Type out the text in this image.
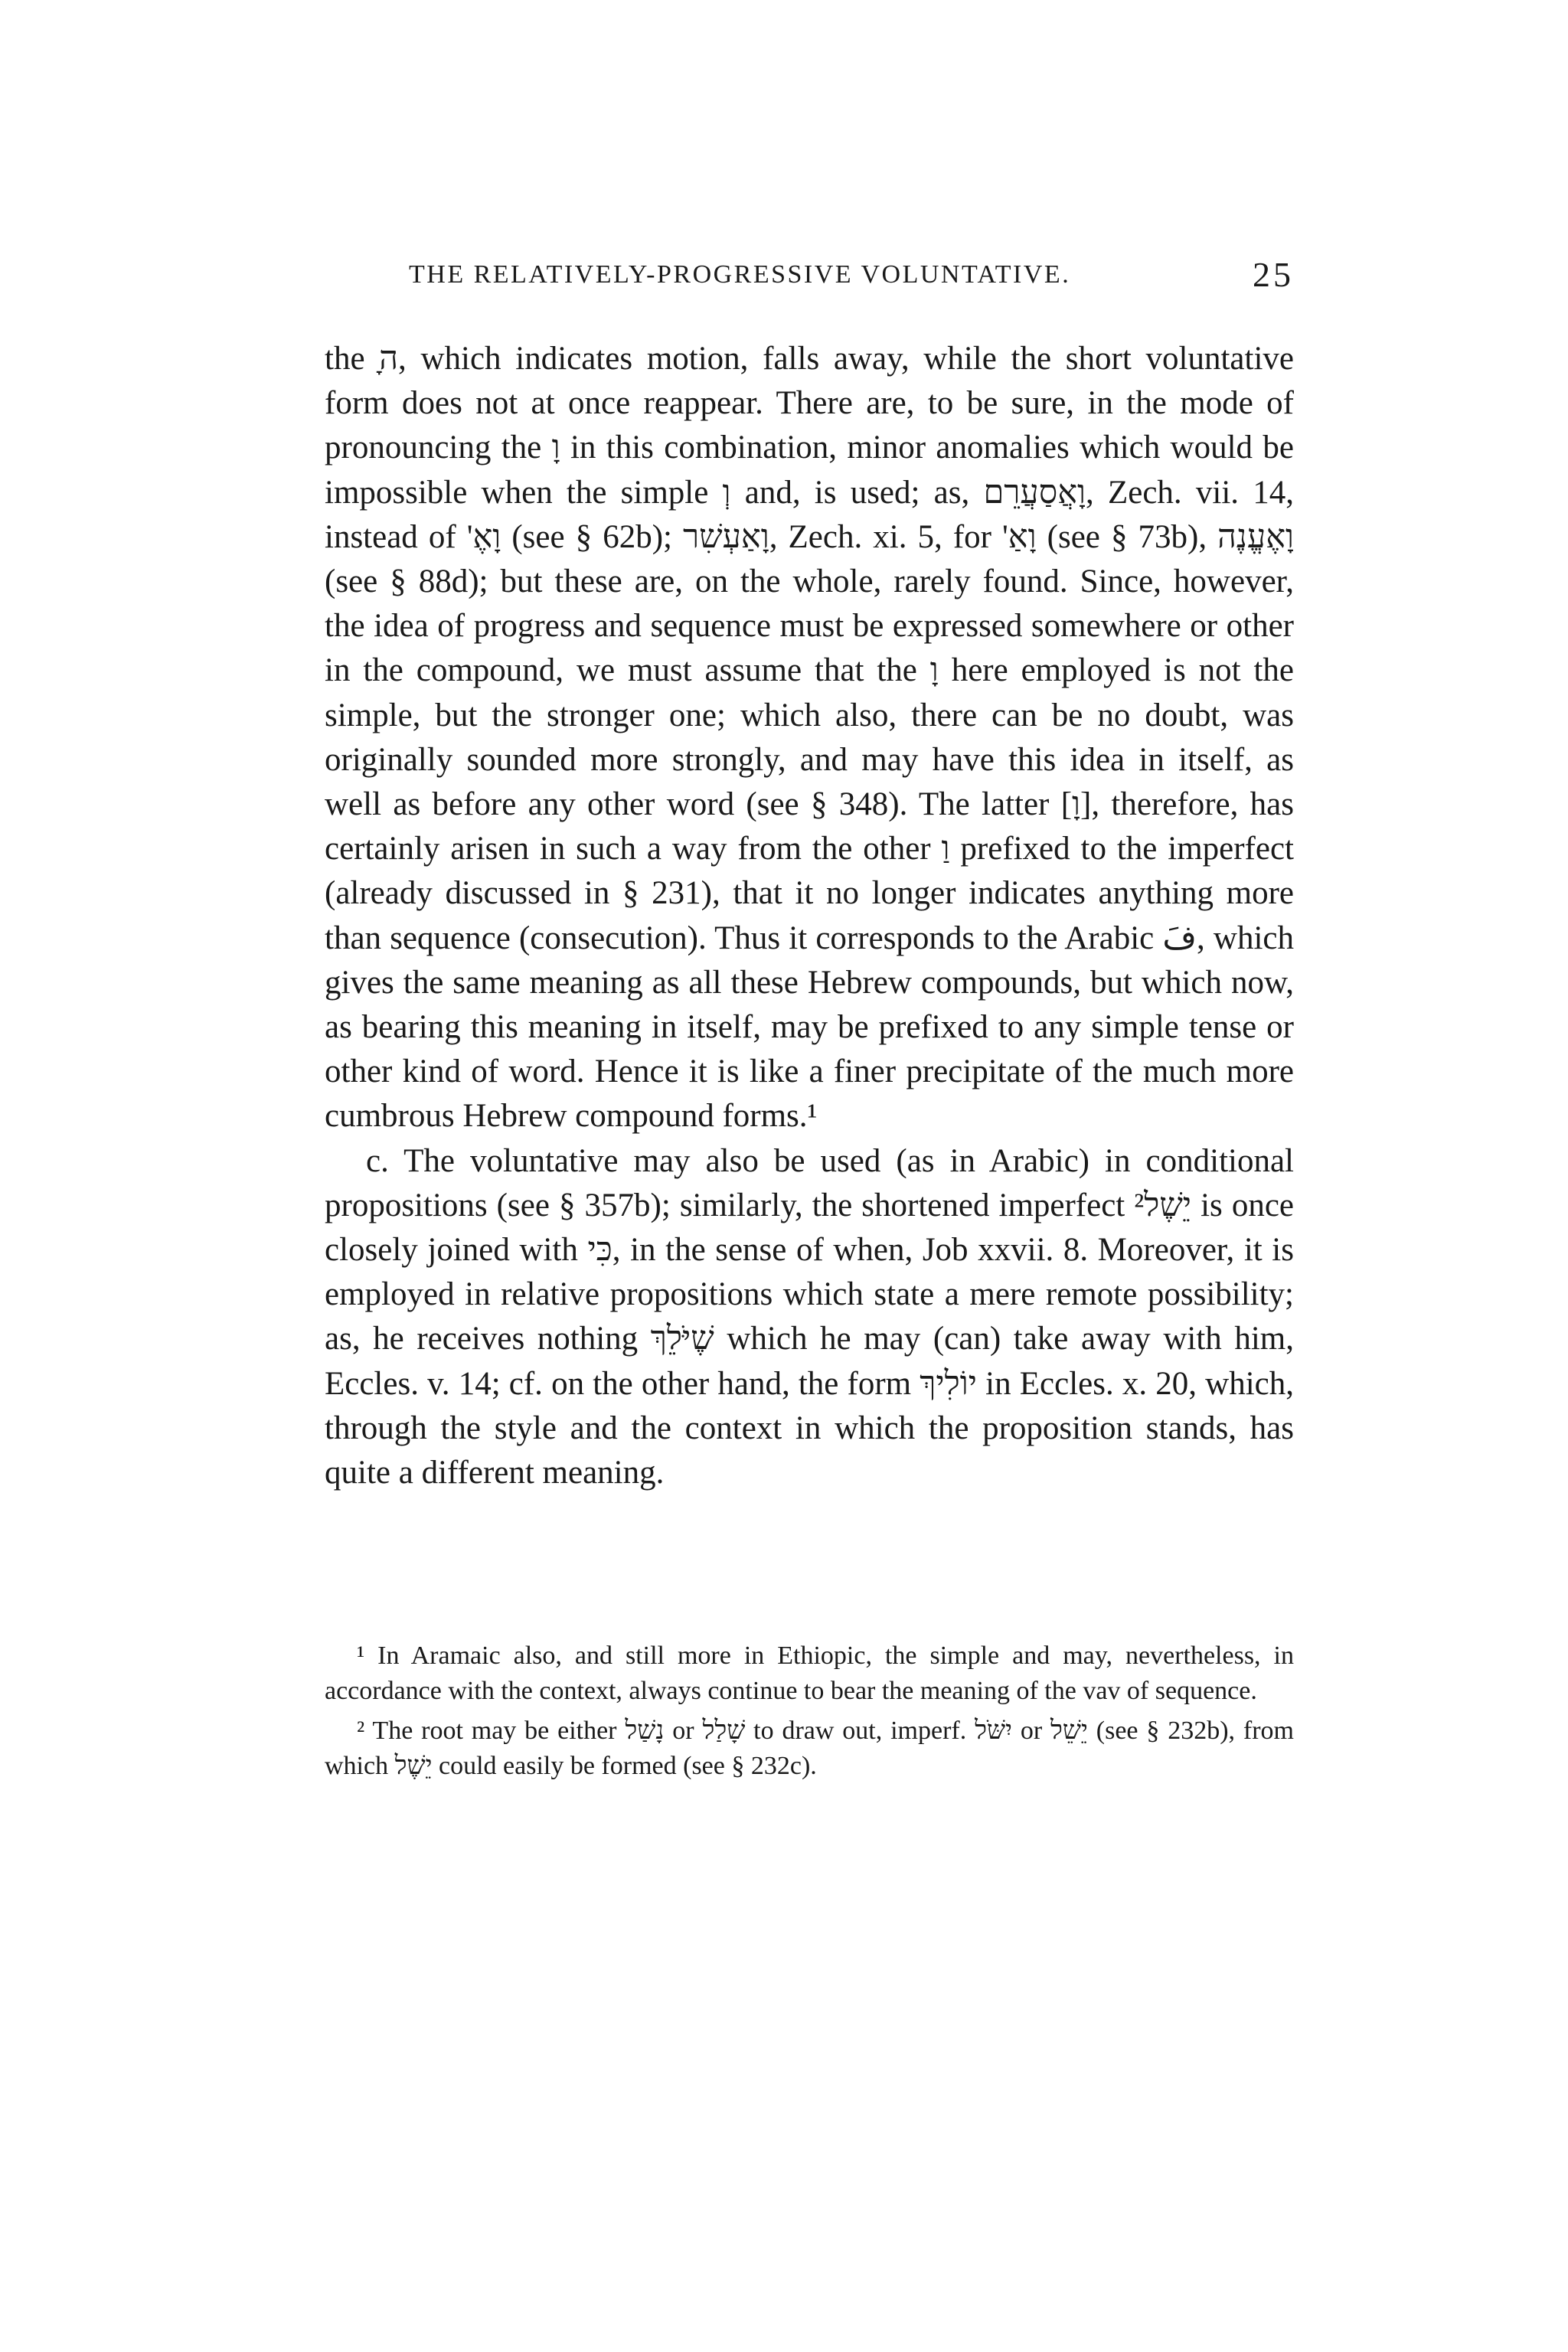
THE RELATIVELY-PROGRESSIVE VOLUNTATIVE.	25

the ה‍ָ‍, which indicates motion, falls away, while the short voluntative form does not at once reappear. There are, to be sure, in the mode of pronouncing the וָ in this combination, minor anomalies which would be impossible when the simple וְ and, is used; as, וָאֲסַעֲרֵם, Zech. vii. 14, instead of 'וָאֶ (see § 62b); וָאַעְשִׁר, Zech. xi. 5, for 'וָאַ (see § 73b), וָאֶעֱנֶה (see § 88d); but these are, on the whole, rarely found. Since, however, the idea of progress and sequence must be expressed somewhere or other in the compound, we must assume that the וָ here employed is not the simple, but the stronger one; which also, there can be no doubt, was originally sounded more strongly, and may have this idea in itself, as well as before any other word (see § 348). The latter [וָ], therefore, has certainly arisen in such a way from the other וַ prefixed to the imperfect (already discussed in § 231), that it no longer indicates anything more than sequence (consecution). Thus it corresponds to the Arabic فَ, which gives the same meaning as all these Hebrew compounds, but which now, as bearing this meaning in itself, may be prefixed to any simple tense or other kind of word. Hence it is like a finer precipitate of the much more cumbrous Hebrew compound forms.¹

c. The voluntative may also be used (as in Arabic) in conditional propositions (see § 357b); similarly, the shortened imperfect יֵשֶׁל² is once closely joined with כִּי, in the sense of when, Job xxvii. 8. Moreover, it is employed in relative propositions which state a mere remote possibility; as, he receives nothing שֶׁיֹּלֵךְ which he may (can) take away with him, Eccles. v. 14; cf. on the other hand, the form יוֹלִיךְ in Eccles. x. 20, which, through the style and the context in which the proposition stands, has quite a different meaning.

¹ In Aramaic also, and still more in Ethiopic, the simple and may, nevertheless, in accordance with the context, always continue to bear the meaning of the vav of sequence.

² The root may be either נָשַׁל or שָׁלַל to draw out, imperf. יִשֹּׁל or יֵשֵׁל (see § 232b), from which יֵשֶׁל could easily be formed (see § 232c).
